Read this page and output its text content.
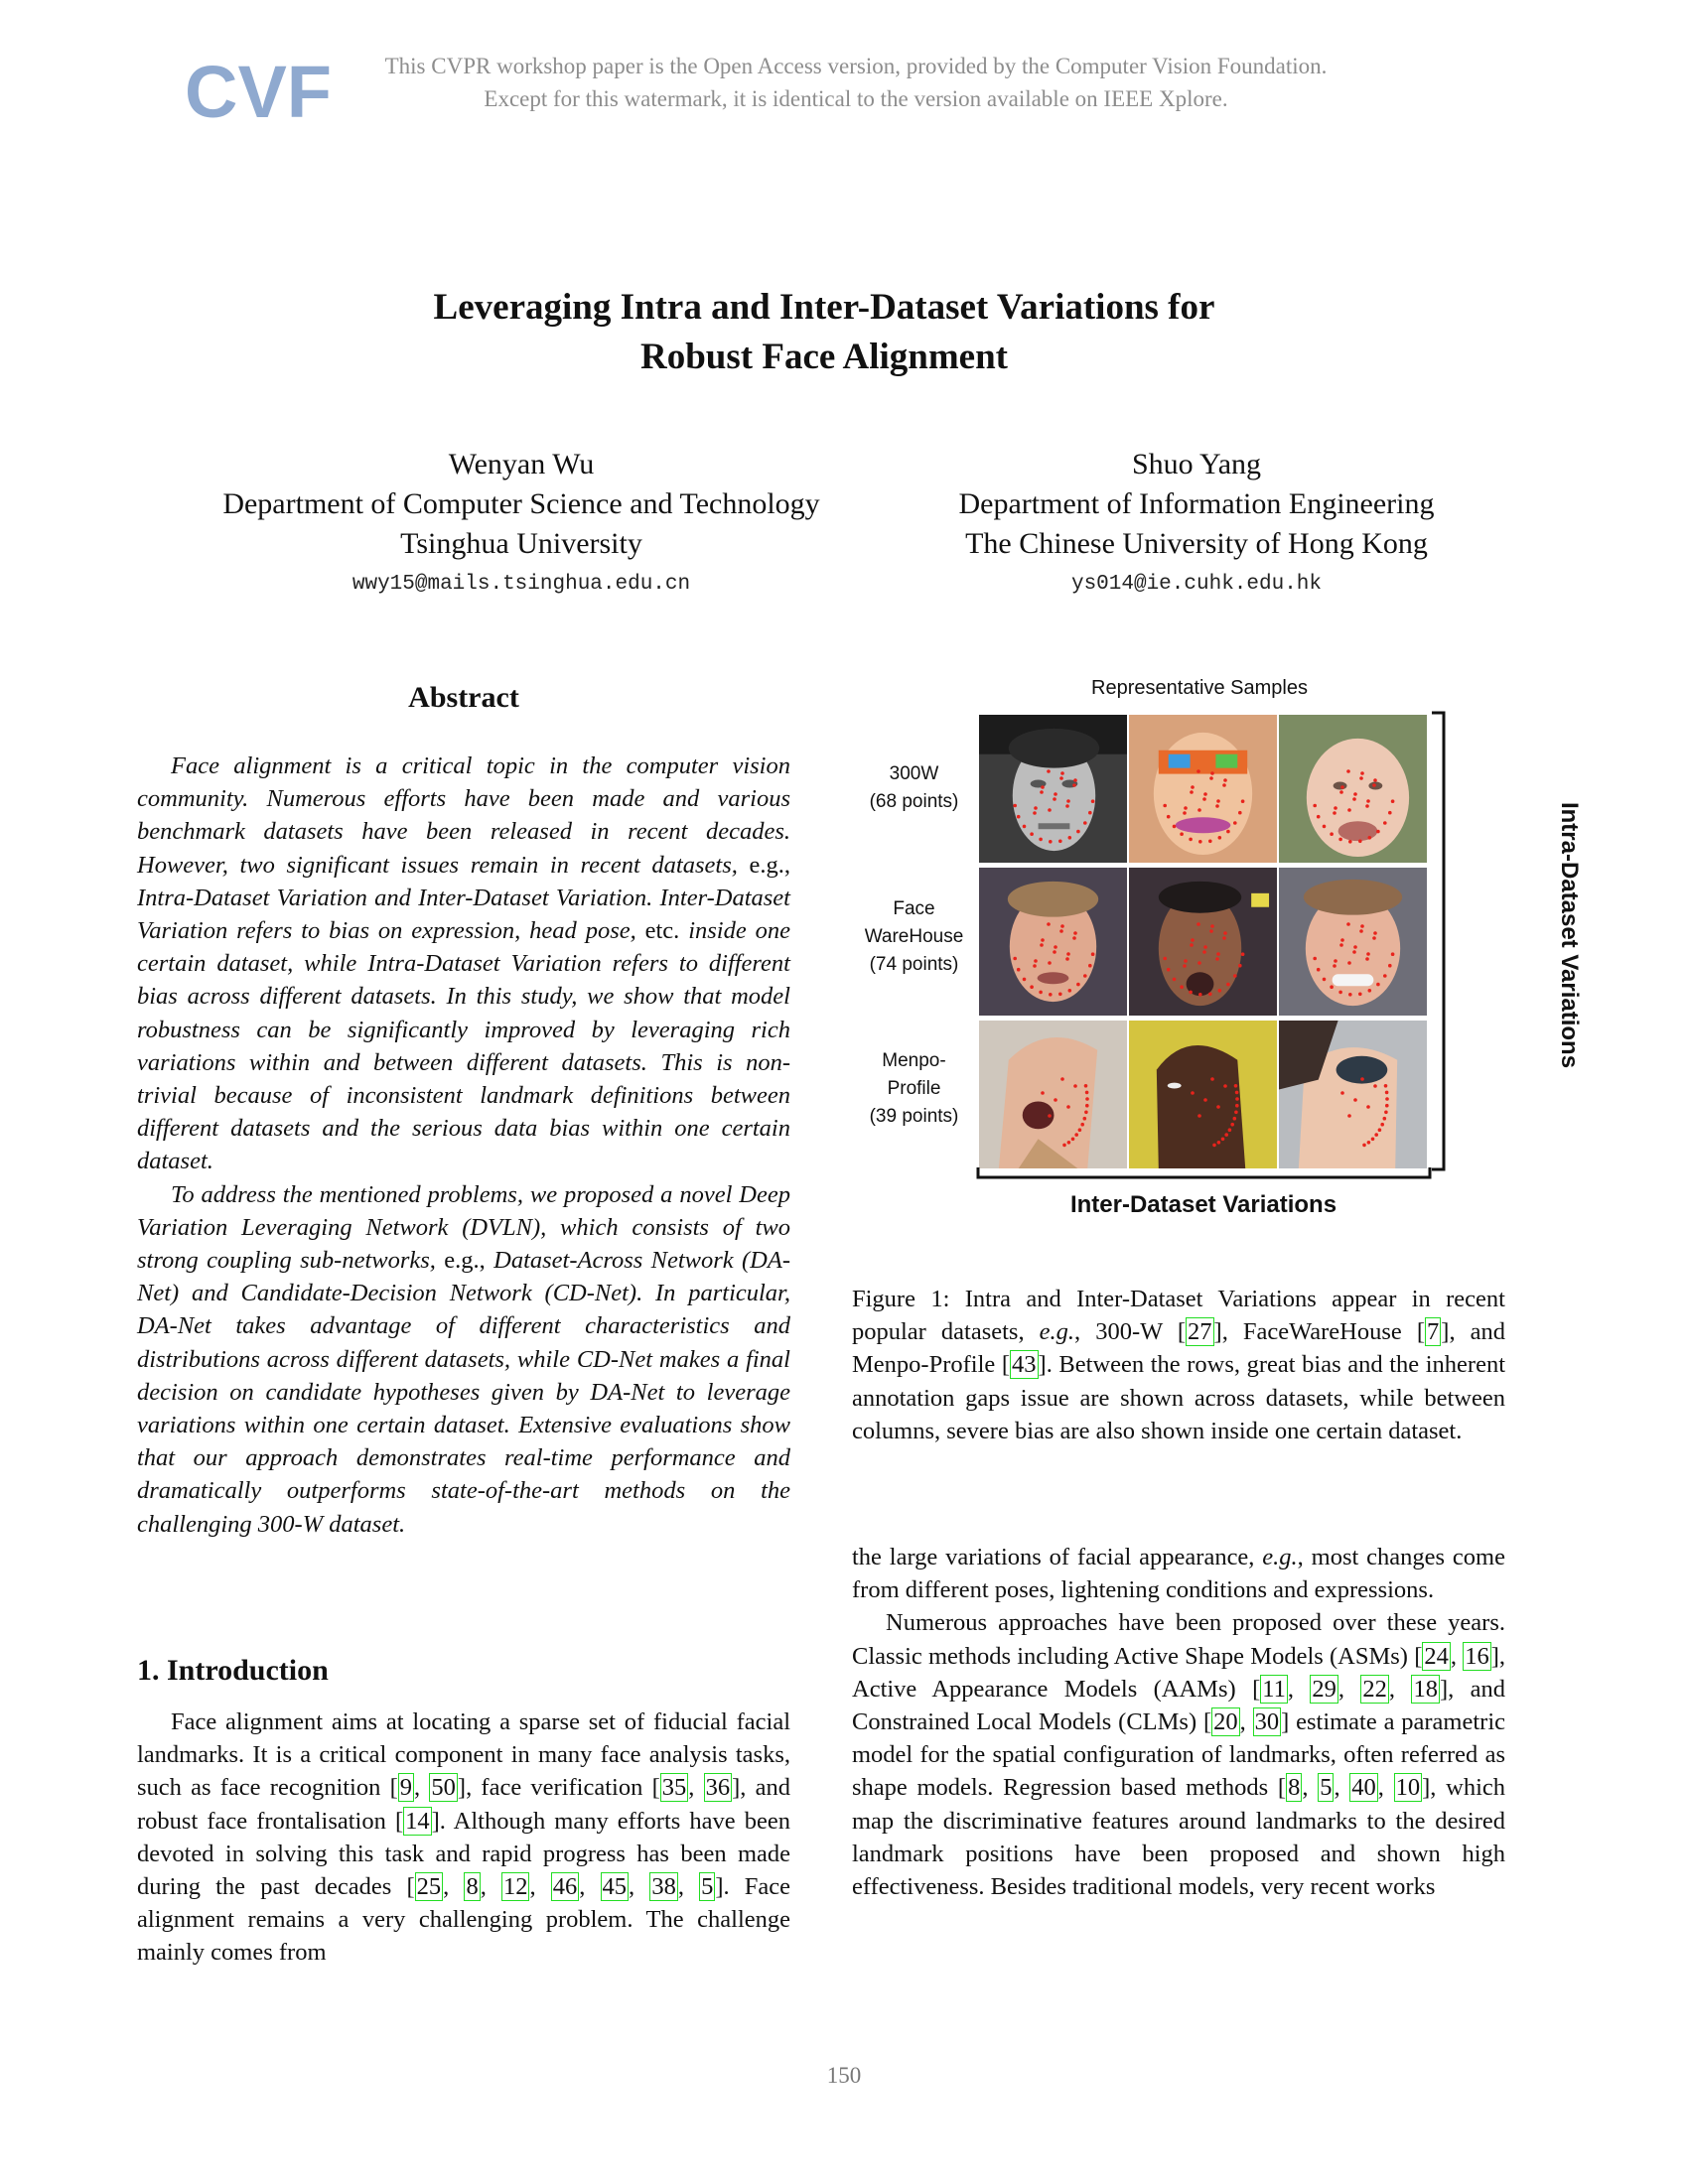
CVF	This CVPR workshop paper is the Open Access version, provided by the Computer Vision Foundation.
Except for this watermark, it is identical to the version available on IEEE Xplore.
Leveraging Intra and Inter-Dataset Variations for
Robust Face Alignment
Wenyan Wu
Department of Computer Science and Technology
Tsinghua University
wwy15@mails.tsinghua.edu.cn
Shuo Yang
Department of Information Engineering
The Chinese University of Hong Kong
ys014@ie.cuhk.edu.hk
Abstract

Face alignment is a critical topic in the computer vision community. Numerous efforts have been made and various benchmark datasets have been released in recent decades. However, two significant issues remain in recent datasets, e.g., Intra-Dataset Variation and Inter-Dataset Variation. Inter-Dataset Variation refers to bias on expression, head pose, etc. inside one certain dataset, while Intra-Dataset Variation refers to different bias across different datasets. In this study, we show that model robustness can be significantly improved by leveraging rich variations within and between different datasets. This is non-trivial because of inconsistent landmark definitions between different datasets and the serious data bias within one certain dataset.

To address the mentioned problems, we proposed a novel Deep Variation Leveraging Network (DVLN), which consists of two strong coupling sub-networks, e.g., Dataset-Across Network (DA-Net) and Candidate-Decision Network (CD-Net). In particular, DA-Net takes advantage of different characteristics and distributions across different datasets, while CD-Net makes a final decision on candidate hypotheses given by DA-Net to leverage variations within one certain dataset. Extensive evaluations show that our approach demonstrates real-time performance and dramatically outperforms state-of-the-art methods on the challenging 300-W dataset.

1. Introduction

Face alignment aims at locating a sparse set of fiducial facial landmarks. It is a critical component in many face analysis tasks, such as face recognition [9, 50], face verification [35, 36], and robust face frontalisation [14]. Although many efforts have been devoted in solving this task and rapid progress has been made during the past decades [25, 8, 12, 46, 45, 38, 5]. Face alignment remains a very challenging problem. The challenge mainly comes from

Representative Samples
300W
(68 points)
Face
WareHouse
(74 points)
Menpo-
Profile
(39 points)
Intra-Dataset Variations
Inter-Dataset Variations
Figure 1: Intra and Inter-Dataset Variations appear in recent popular datasets, e.g., 300-W [27], FaceWareHouse [7], and Menpo-Profile [43]. Between the rows, great bias and the inherent annotation gaps issue are shown across datasets, while between columns, severe bias are also shown inside one certain dataset.

the large variations of facial appearance, e.g., most changes come from different poses, lightening conditions and expressions.

Numerous approaches have been proposed over these years. Classic methods including Active Shape Models (ASMs) [24, 16], Active Appearance Models (AAMs) [11, 29, 22, 18], and Constrained Local Models (CLMs) [20, 30] estimate a parametric model for the spatial configuration of landmarks, often referred as shape models. Regression based methods [8, 5, 40, 10], which map the discriminative features around landmarks to the desired landmark positions have been proposed and shown high effectiveness. Besides traditional models, very recent works

150
